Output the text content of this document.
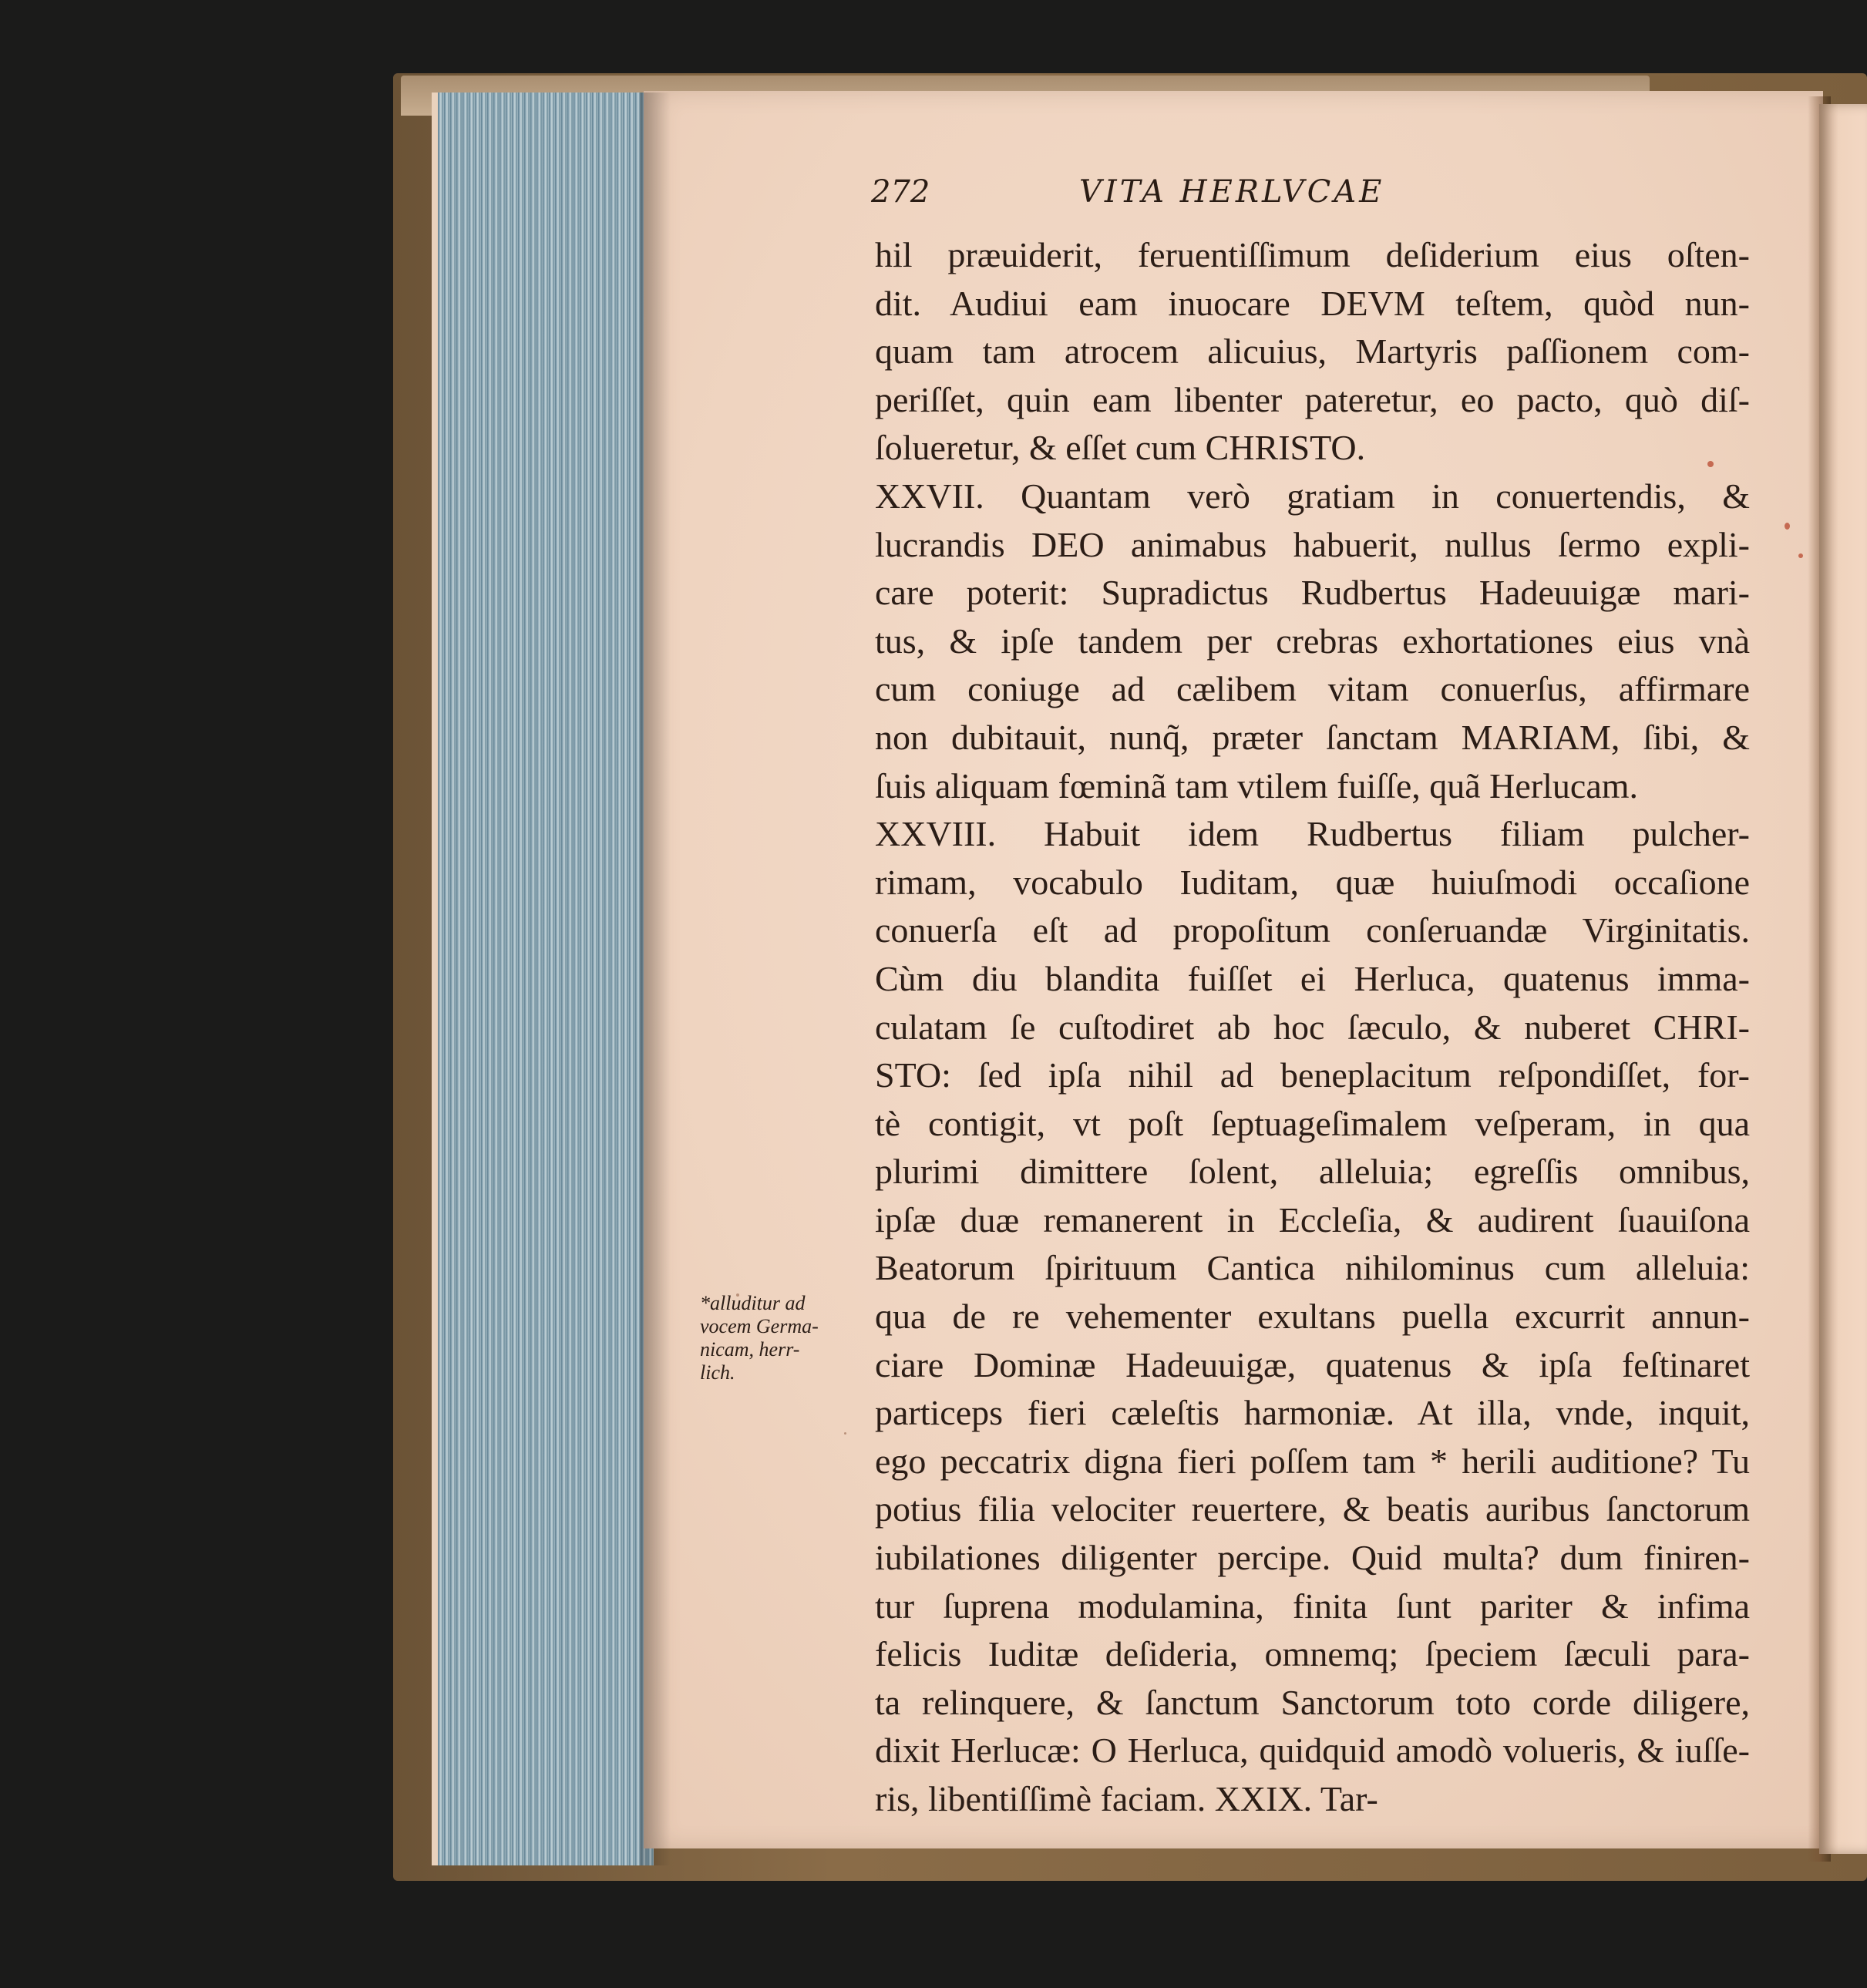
272	VITA HERLVCAE
hil præuiderit, feruentiſſimum deſiderium eius oſten-
dit. Audiui eam inuocare DEVM teſtem, quòd nun-
quam tam atrocem alicuius, Martyris paſſionem com-
periſſet, quin eam libenter pateretur, eo pacto, quò diſ-
ſolueretur, & eſſet cum CHRISTO.
XXVII. Quantam verò gratiam in conuertendis, &
lucrandis DEO animabus habuerit, nullus ſermo expli-
care poterit: Supradictus Rudbertus Hadeuuigæ mari-
tus, & ipſe tandem per crebras exhortationes eius vnà
cum coniuge ad cælibem vitam conuerſus, affirmare
non dubitauit, nunq̃, præter ſanctam MARIAM, ſibi, &
ſuis aliquam fœminã tam vtilem fuiſſe, quã Herlucam.
XXVIII. Habuit idem Rudbertus filiam pulcher-
rimam, vocabulo Iuditam, quæ huiuſmodi occaſione
conuerſa eſt ad propoſitum conſeruandæ Virginitatis.
Cùm diu blandita fuiſſet ei Herluca, quatenus imma-
culatam ſe cuſtodiret ab hoc ſæculo, & nuberet CHRI-
STO: ſed ipſa nihil ad beneplacitum reſpondiſſet, for-
tè contigit, vt poſt ſeptuageſimalem veſperam, in qua
plurimi dimittere ſolent, alleluia; egreſſis omnibus,
ipſæ duæ remanerent in Eccleſia, & audirent ſuauiſona
Beatorum ſpirituum Cantica nihilominus cum alleluia:
qua de re vehementer exultans puella excurrit annun-
ciare Dominæ Hadeuuigæ, quatenus & ipſa feſtinaret
particeps fieri cæleſtis harmoniæ. At illa, vnde, inquit,
ego peccatrix digna fieri poſſem tam * herili auditione? Tu
potius filia velociter reuertere, & beatis auribus ſanctorum
iubilationes diligenter percipe. Quid multa? dum finiren-
tur ſuprena modulamina, finita ſunt pariter & infima
felicis Iuditæ deſideria, omnemq; ſpeciem ſæculi para-
ta relinquere, & ſanctum Sanctorum toto corde diligere,
dixit Herlucæ: O Herluca, quidquid amodò volueris, & iuſſe-
ris, libentiſſimè faciam. XXIX. Tar-
*alluditur ad
vocem Germa-
nicam, herr-
lich.
